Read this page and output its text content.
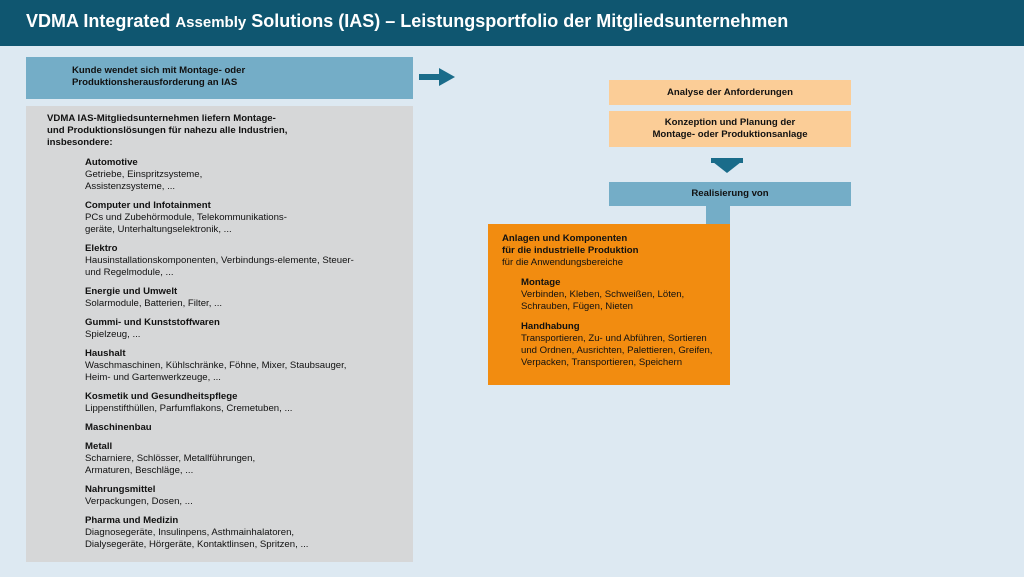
VDMA Integrated Assembly Solutions (IAS) – Leistungsportfolio der Mitgliedsunternehmen
Kunde wendet sich mit Montage- oder
Produktionsherausforderung an IAS
VDMA IAS-Mitgliedsunternehmen liefern Montage-
und Produktionslösungen für nahezu alle Industrien,
insbesondere:
Automotive
Getriebe, Einspritzsysteme,
Assistenzsysteme, ...
Computer und Infotainment
PCs und Zubehörmodule, Telekommunikations-
geräte, Unterhaltungselektronik, ...
Elektro
Hausinstallationskomponenten, Verbindungs-elemente, Steuer-
und Regelmodule, ...
Energie und Umwelt
Solarmodule, Batterien, Filter, ...
Gummi- und Kunststoffwaren
Spielzeug, ...
Haushalt
Waschmaschinen, Kühlschränke, Föhne, Mixer, Staubsauger,
Heim- und Gartenwerkzeuge, ...
Kosmetik und Gesundheitspflege
Lippenstifthüllen, Parfumflakons, Cremetuben, ...
Maschinenbau
Metall
Scharniere, Schlösser, Metallführungen,
Armaturen, Beschläge, ...
Nahrungsmittel
Verpackungen, Dosen, ...
Pharma und Medizin
Diagnosegeräte, Insulinpens, Asthmainhalatoren,
Dialysegeräte, Hörgeräte, Kontaktlinsen, Spritzen, ...
Analyse der Anforderungen
Konzeption und Planung der
Montage- oder Produktionsanlage
Realisierung von
Anlagen und Komponenten
für die industrielle Produktion
für die Anwendungsbereiche
Montage
Verbinden, Kleben, Schweißen, Löten,
Schrauben, Fügen, Nieten
Handhabung
Transportieren, Zu- und Abführen, Sortieren
und Ordnen, Ausrichten, Palettieren, Greifen,
Verpacken, Transportieren, Speichern
